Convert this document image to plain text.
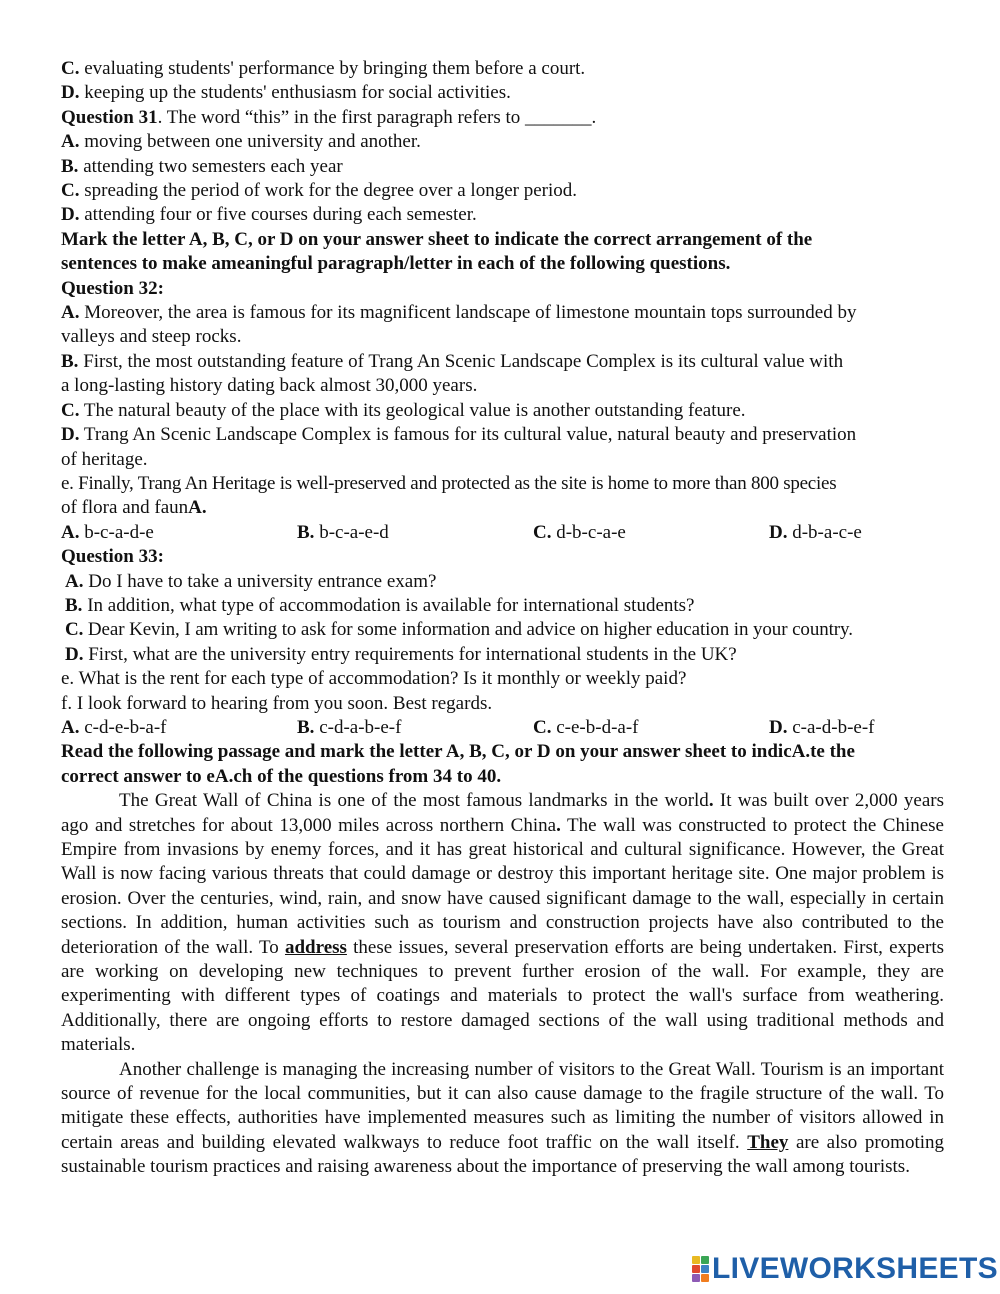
C. evaluating students' performance by bringing them before a court.
D. keeping up the students' enthusiasm for social activities.
Question 31. The word “this” in the first paragraph refers to _______.
A. moving between one university and another.
B. attending two semesters each year
C. spreading the period of work for the degree over a longer period.
D. attending four or five courses during each semester.
Mark the letter A, B, C, or D on your answer sheet to indicate the correct arrangement of the
sentences to make ameaningful paragraph/letter in each of the following questions.
Question 32:
A. Moreover, the area is famous for its magnificent landscape of limestone mountain tops surrounded by
valleys and steep rocks.
B. First, the most outstanding feature of Trang An Scenic Landscape Complex is its cultural value with
a long-lasting history dating back almost 30,000 years.
C. The natural beauty of the place with its geological value is another outstanding feature.
D. Trang An Scenic Landscape Complex is famous for its cultural value, natural beauty and preservation
of heritage.
e. Finally, Trang An Heritage is well-preserved and protected as the site is home to more than 800 species
of flora and faunA.
A. b-c-a-d-e	B. b-c-a-e-d	C. d-b-c-a-e	D. d-b-a-c-e
Question 33:
A. Do I have to take a university entrance exam?
B. In addition, what type of accommodation is available for international students?
C. Dear Kevin, I am writing to ask for some information and advice on higher education in your country.
D. First, what are the university entry requirements for international students in the UK?
e. What is the rent for each type of accommodation? Is it monthly or weekly paid?
f. I look forward to hearing from you soon. Best regards.
A. c-d-e-b-a-f	B. c-d-a-b-e-f	C. c-e-b-d-a-f	D. c-a-d-b-e-f
Read the following passage and mark the letter A, B, C, or D on your answer sheet to indicA.te the
correct answer to eA.ch of the questions from 34 to 40.

The Great Wall of China is one of the most famous landmarks in the world. It was built over 2,000 years ago and stretches for about 13,000 miles across northern China. The wall was constructed to protect the Chinese Empire from invasions by enemy forces, and it has great historical and cultural significance. However, the Great Wall is now facing various threats that could damage or destroy this important heritage site. One major problem is erosion. Over the centuries, wind, rain, and snow have caused significant damage to the wall, especially in certain sections. In addition, human activities such as tourism and construction projects have also contributed to the deterioration of the wall. To address these issues, several preservation efforts are being undertaken. First, experts are working on developing new techniques to prevent further erosion of the wall. For example, they are experimenting with different types of coatings and materials to protect the wall's surface from weathering. Additionally, there are ongoing efforts to restore damaged sections of the wall using traditional methods and materials.

Another challenge is managing the increasing number of visitors to the Great Wall. Tourism is an important source of revenue for the local communities, but it can also cause damage to the fragile structure of the wall. To mitigate these effects, authorities have implemented measures such as limiting the number of visitors allowed in certain areas and building elevated walkways to reduce foot traffic on the wall itself. They are also promoting sustainable tourism practices and raising awareness about the importance of preserving the wall among tourists.

LIVEWORKSHEETS
